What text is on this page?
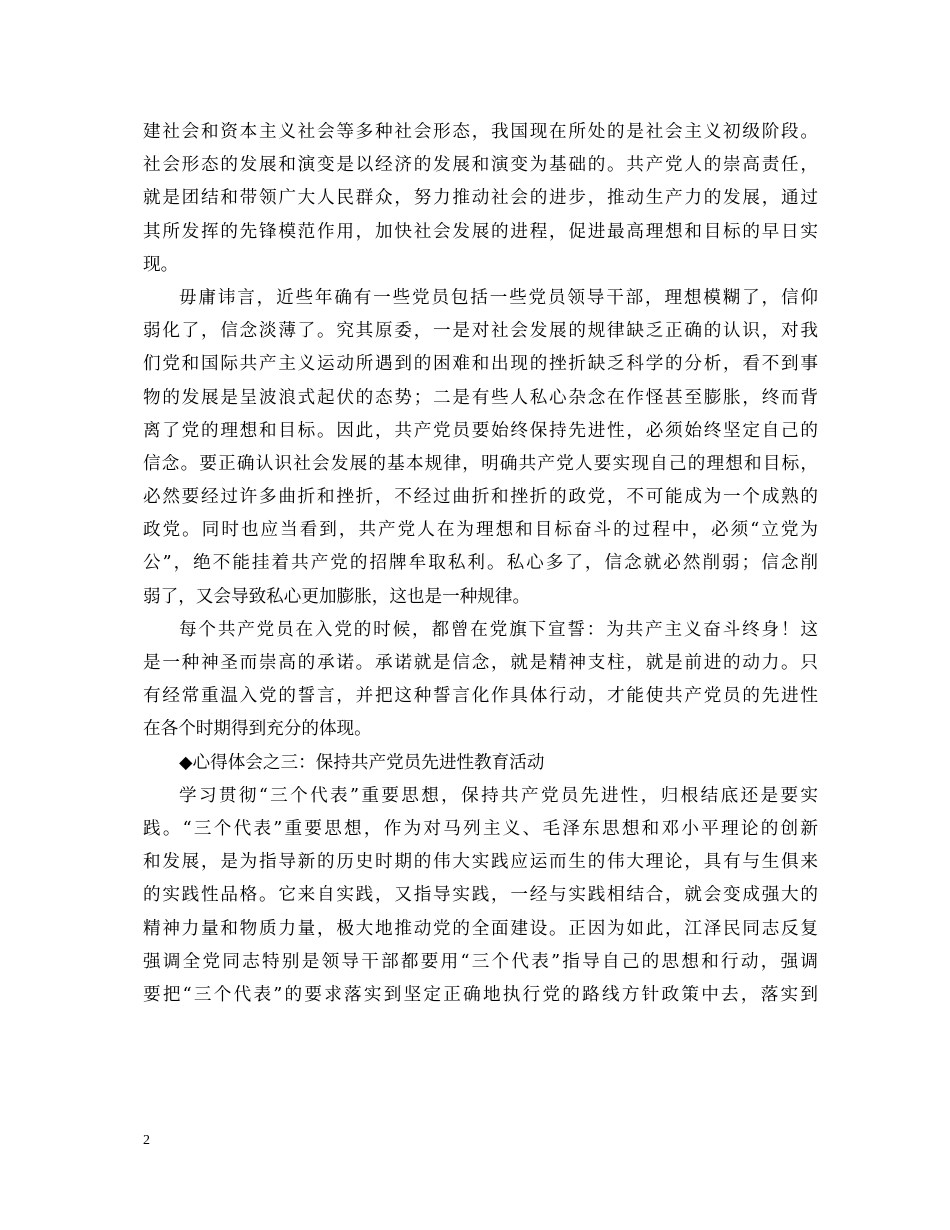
建社会和资本主义社会等多种社会形态，我国现在所处的是社会主义初级阶段。
社会形态的发展和演变是以经济的发展和演变为基础的。共产党人的崇高责任，
就是团结和带领广大人民群众，努力推动社会的进步，推动生产力的发展，通过
其所发挥的先锋模范作用，加快社会发展的进程，促进最高理想和目标的早日实
现。
毋庸讳言，近些年确有一些党员包括一些党员领导干部，理想模糊了，信仰
弱化了，信念淡薄了。究其原委，一是对社会发展的规律缺乏正确的认识，对我
们党和国际共产主义运动所遇到的困难和出现的挫折缺乏科学的分析，看不到事
物的发展是呈波浪式起伏的态势；二是有些人私心杂念在作怪甚至膨胀，终而背
离了党的理想和目标。因此，共产党员要始终保持先进性，必须始终坚定自己的
信念。要正确认识社会发展的基本规律，明确共产党人要实现自己的理想和目标，
必然要经过许多曲折和挫折，不经过曲折和挫折的政党，不可能成为一个成熟的
政党。同时也应当看到，共产党人在为理想和目标奋斗的过程中，必须“立党为
公”，绝不能挂着共产党的招牌牟取私利。私心多了，信念就必然削弱；信念削
弱了，又会导致私心更加膨胀，这也是一种规律。
每个共产党员在入党的时候，都曾在党旗下宣誓：为共产主义奋斗终身！这
是一种神圣而崇高的承诺。承诺就是信念，就是精神支柱，就是前进的动力。只
有经常重温入党的誓言，并把这种誓言化作具体行动，才能使共产党员的先进性
在各个时期得到充分的体现。
◆心得体会之三：保持共产党员先进性教育活动
学习贯彻“三个代表”重要思想，保持共产党员先进性，归根结底还是要实
践。“三个代表”重要思想，作为对马列主义、毛泽东思想和邓小平理论的创新
和发展，是为指导新的历史时期的伟大实践应运而生的伟大理论，具有与生俱来
的实践性品格。它来自实践，又指导实践，一经与实践相结合，就会变成强大的
精神力量和物质力量，极大地推动党的全面建设。正因为如此，江泽民同志反复
强调全党同志特别是领导干部都要用“三个代表”指导自己的思想和行动，强调
要把“三个代表”的要求落实到坚定正确地执行党的路线方针政策中去，落实到
2
